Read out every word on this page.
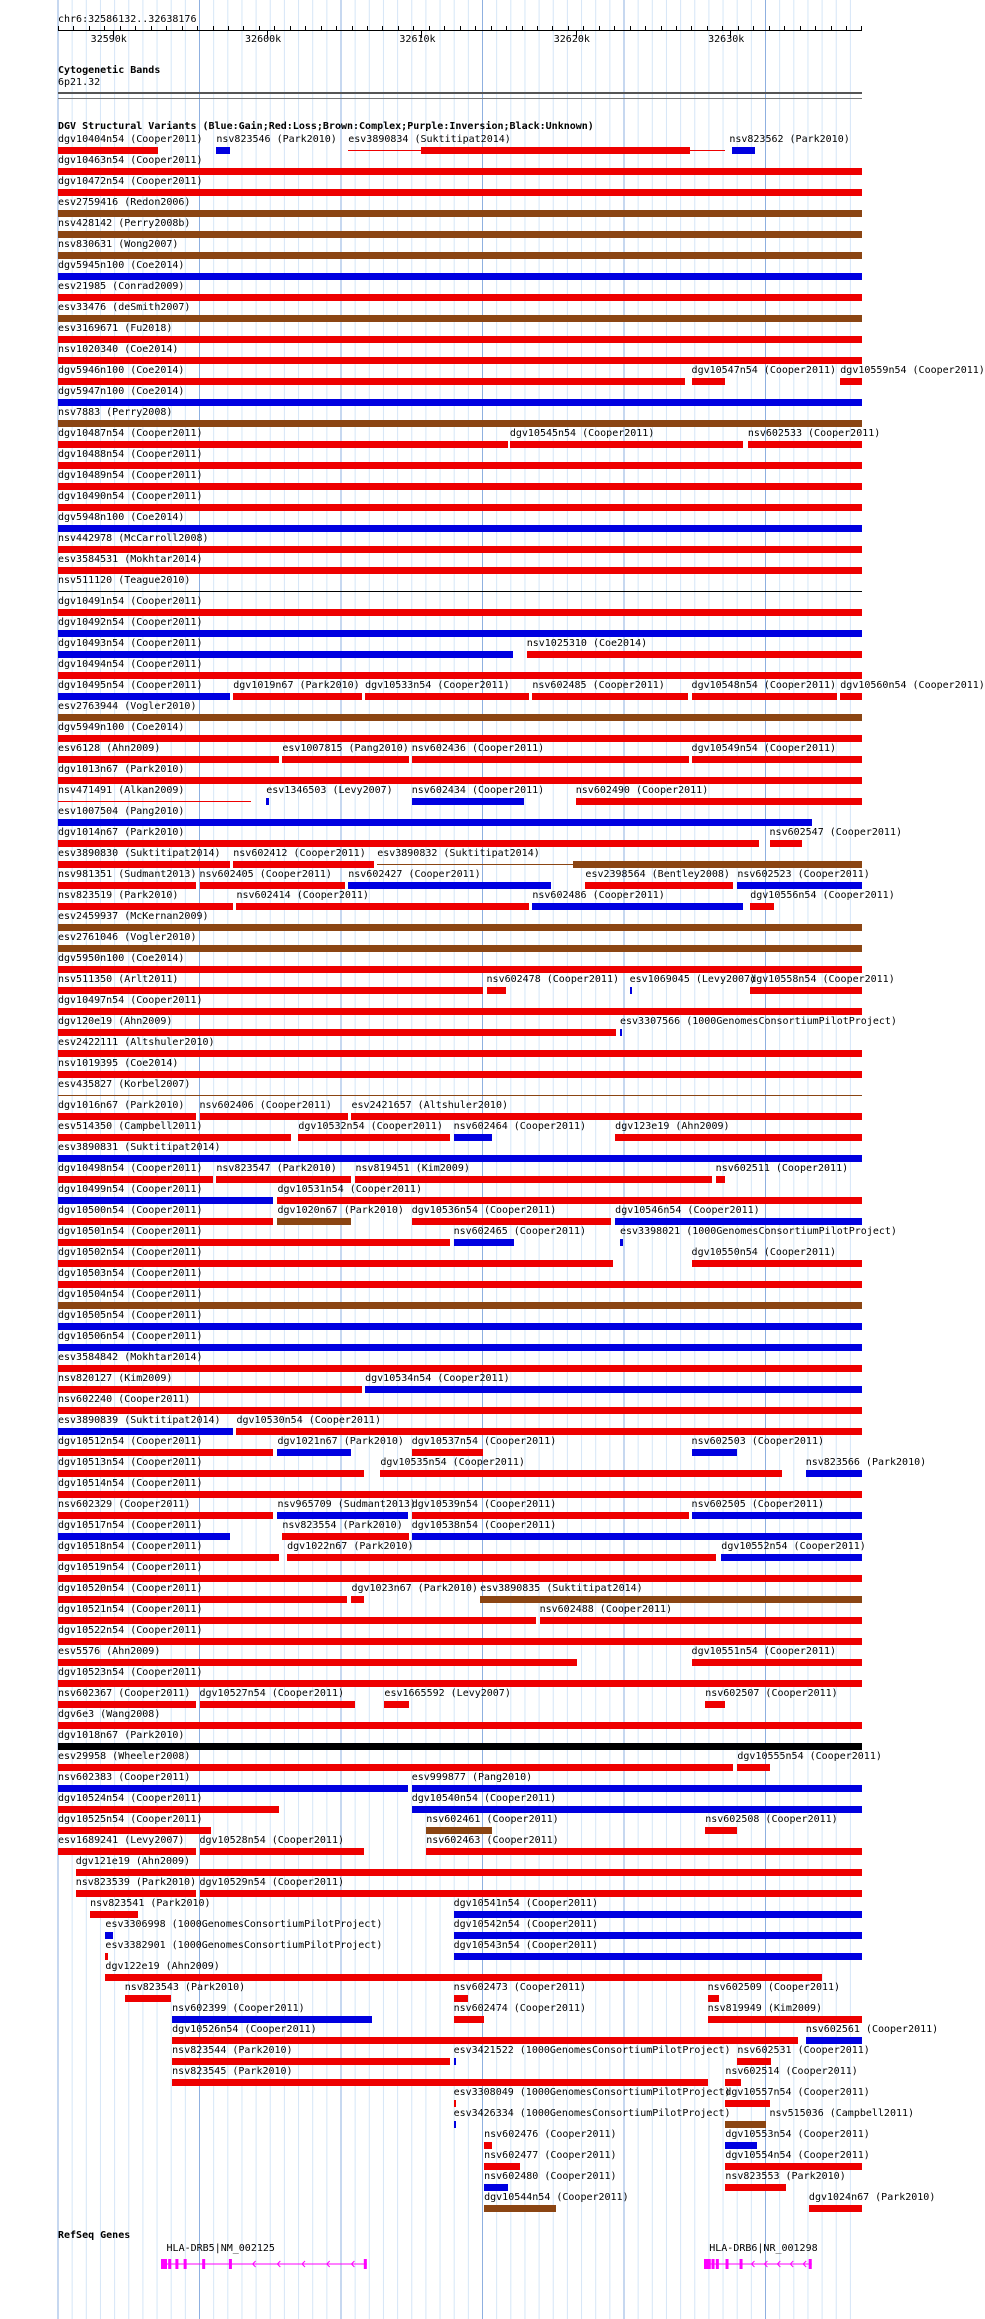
chr6:32586132..32638176
32590k	32600k	32610k	32620k	32630k
Cytogenetic Bands
6p21.32
DGV Structural Variants (Blue:Gain;Red:Loss;Brown:Complex;Purple:Inversion;Black:Unknown)
dgv10404n54 (Cooper2011) nsv823546 (Park2010) esv3890834 (Suktitipat2014)	nsv823562 (Park2010)
dgv10463n54 (Cooper2011)
dgv10472n54 (Cooper2011)
esv2759416 (Redon2006)
nsv428142 (Perry2008b)
nsv830631 (Wong2007)
dgv5945n100 (Coe2014)
esv21985 (Conrad2009)
esv33476 (deSmith2007)
esv3169671 (Fu2018)
nsv1020340 (Coe2014)
dgv5946n100 (Coe2014)	dgv10547n54 (Cooper2011) dgv10559n54 (Cooper2011)
dgv5947n100 (Coe2014)
nsv7883 (Perry2008)
dgv10487n54 (Cooper2011)	dgv10545n54 (Cooper2011)	nsv602533 (Cooper2011)
dgv10488n54 (Cooper2011)
dgv10489n54 (Cooper2011)
dgv10490n54 (Cooper2011)
dgv5948n100 (Coe2014)
nsv442978 (McCarroll2008)
esv3584531 (Mokhtar2014)
nsv511120 (Teague2010)
dgv10491n54 (Cooper2011)
dgv10492n54 (Cooper2011)
dgv10493n54 (Cooper2011)	nsv1025310 (Coe2014)
dgv10494n54 (Cooper2011)
dgv10495n54 (Cooper2011)	dgv1019n67 (Park2010) dgv10533n54 (Cooper2011) nsv602485 (Cooper2011)	dgv10548n54 (Cooper2011) dgv10560n54 (Cooper2011)
esv2763944 (Vogler2010)
dgv5949n100 (Coe2014)
esv6128 (Ahn2009)	esv1007815 (Pang2010) nsv602436 (Cooper2011)	dgv10549n54 (Cooper2011)
dgv1013n67 (Park2010)
nsv471491 (Alkan2009)	esv1346503 (Levy2007) nsv602434 (Cooper2011)	nsv602490 (Cooper2011)
esv1007504 (Pang2010)
dgv1014n67 (Park2010)	nsv602547 (Cooper2011)
esv3890830 (Suktitipat2014) nsv602412 (Cooper2011) esv3890832 (Suktitipat2014)
nsv981351 (Sudmant2013) nsv602405 (Cooper2011) nsv602427 (Cooper2011)	esv2398564 (Bentley2008) nsv602523 (Cooper2011)
nsv823519 (Park2010)	nsv602414 (Cooper2011)	nsv602486 (Cooper2011)	dgv10556n54 (Cooper2011)
esv2459937 (McKernan2009)
esv2761046 (Vogler2010)
dgv5950n100 (Coe2014)
nsv511350 (Arlt2011)	nsv602478 (Cooper2011) esv1069045 (Levy2007)
dgv10558n54 (Cooper2011)
dgv10497n54 (Cooper2011)
dgv120e19 (Ahn2009)	esv3307566 (1000GenomesConsortiumPilotProject)
esv2422111 (Altshuler2010)
nsv1019395 (Coe2014)
esv435827 (Korbel2007)
dgv1016n67 (Park2010) nsv602406 (Cooper2011) esv2421657 (Altshuler2010)
esv514350 (Campbell2011)	dgv10532n54 (Cooper2011) nsv602464 (Cooper2011)	dgv123e19 (Ahn2009)
esv3890831 (Suktitipat2014)
dgv10498n54 (Cooper2011) nsv823547 (Park2010) nsv819451 (Kim2009)	nsv602511 (Cooper2011)
dgv10499n54 (Cooper2011)	dgv10531n54 (Cooper2011)
dgv10500n54 (Cooper2011)	dgv1020n67 (Park2010) dgv10536n54 (Cooper2011)	dgv10546n54 (Cooper2011)
dgv10501n54 (Cooper2011)	nsv602465 (Cooper2011)	esv3398021 (1000GenomesConsortiumPilotProject)
dgv10502n54 (Cooper2011)	dgv10550n54 (Cooper2011)
dgv10503n54 (Cooper2011)
dgv10504n54 (Cooper2011)
dgv10505n54 (Cooper2011)
dgv10506n54 (Cooper2011)
esv3584842 (Mokhtar2014)
nsv820127 (Kim2009)	dgv10534n54 (Cooper2011)
nsv602240 (Cooper2011)
esv3890839 (Suktitipat2014) dgv10530n54 (Cooper2011)
dgv10512n54 (Cooper2011)	dgv1021n67 (Park2010) dgv10537n54 (Cooper2011)	nsv602503 (Cooper2011)
dgv10513n54 (Cooper2011)	dgv10535n54 (Cooper2011)	nsv823566 (Park2010)
dgv10514n54 (Cooper2011)
nsv602329 (Cooper2011)	nsv965709 (Sudmant2013)
dgv10539n54 (Cooper2011)	nsv602505 (Cooper2011)
dgv10517n54 (Cooper2011)	nsv823554 (Park2010) dgv10538n54 (Cooper2011)
dgv10518n54 (Cooper2011)	dgv1022n67 (Park2010)	dgv10552n54 (Cooper2011)
dgv10519n54 (Cooper2011)
dgv10520n54 (Cooper2011)	dgv1023n67 (Park2010) esv3890835 (Suktitipat2014)
dgv10521n54 (Cooper2011)	nsv602488 (Cooper2011)
dgv10522n54 (Cooper2011)
esv5576 (Ahn2009)	dgv10551n54 (Cooper2011)
dgv10523n54 (Cooper2011)
nsv602367 (Cooper2011) dgv10527n54 (Cooper2011)	esv1665592 (Levy2007)	nsv602507 (Cooper2011)
dgv6e3 (Wang2008)
dgv1018n67 (Park2010)
esv29958 (Wheeler2008)	dgv10555n54 (Cooper2011)
nsv602383 (Cooper2011)	esv999877 (Pang2010)
dgv10524n54 (Cooper2011)	dgv10540n54 (Cooper2011)
dgv10525n54 (Cooper2011)	nsv602461 (Cooper2011)	nsv602508 (Cooper2011)
esv1689241 (Levy2007) dgv10528n54 (Cooper2011)	nsv602463 (Cooper2011)
dgv121e19 (Ahn2009)
nsv823539 (Park2010) dgv10529n54 (Cooper2011)
nsv823541 (Park2010)	dgv10541n54 (Cooper2011)
esv3306998 (1000GenomesConsortiumPilotProject)	dgv10542n54 (Cooper2011)
esv3382901 (1000GenomesConsortiumPilotProject)	dgv10543n54 (Cooper2011)
dgv122e19 (Ahn2009)
nsv823543 (Park2010)	nsv602473 (Cooper2011)	nsv602509 (Cooper2011)
nsv602399 (Cooper2011)	nsv602474 (Cooper2011)	nsv819949 (Kim2009)
dgv10526n54 (Cooper2011)	nsv602561 (Cooper2011)
nsv823544 (Park2010)	esv3421522 (1000GenomesConsortiumPilotProject) nsv602531 (Cooper2011)
nsv823545 (Park2010)	nsv602514 (Cooper2011)
esv3308049 (1000GenomesConsortiumPilotProject)
dgv10557n54 (Cooper2011)
esv3426334 (1000GenomesConsortiumPilotProject)	nsv515036 (Campbell2011)
nsv602476 (Cooper2011)	dgv10553n54 (Cooper2011)
nsv602477 (Cooper2011)	dgv10554n54 (Cooper2011)
nsv602480 (Cooper2011)	nsv823553 (Park2010)
dgv10544n54 (Cooper2011)	dgv1024n67 (Park2010)
RefSeq Genes
HLA-DRB5|NM_002125	HLA-DRB6|NR_001298
